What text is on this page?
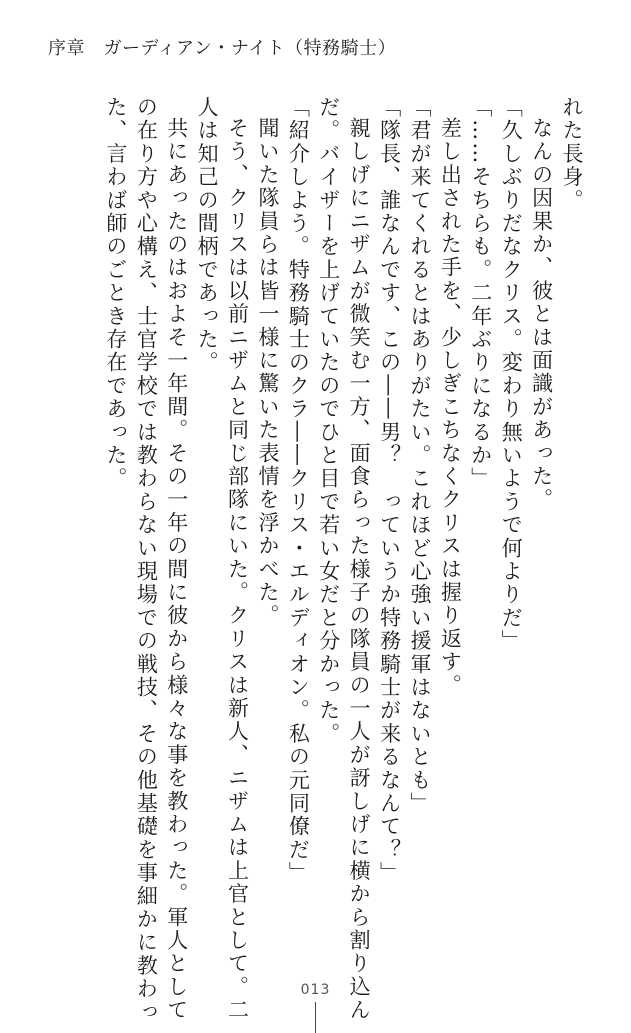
序章　ガーディアン・ナイト（特務騎士）
れた長身。
なんの因果か、彼とは面識があった。
「久しぶりだなクリス。変わり無いようで何よりだ」
「……そちらも。二年ぶりになるか」
差し出された手を、少しぎこちなくクリスは握り返す。
「君が来てくれるとはありがたい。これほど心強い援軍はないとも」
「隊長、誰なんです、この――男？　っていうか特務騎士が来るなんて？」
親しげにニザムが微笑む一方、面食らった様子の隊員の一人が訝しげに横から割り込ん
だ。バイザーを上げていたのでひと目で若い女だと分かった。
「紹介しよう。特務騎士のクラ――クリス・エルディオン。私の元同僚だ」
聞いた隊員らは皆一様に驚いた表情を浮かべた。
そう、クリスは以前ニザムと同じ部隊にいた。クリスは新人、ニザムは上官として。二
人は知己の間柄であった。
共にあったのはおよそ一年間。その一年の間に彼から様々な事を教わった。軍人として
の在り方や心構え、士官学校では教わらない現場での戦技、その他基礎を事細かに教わっ
た、言わば師のごとき存在であった。
013
